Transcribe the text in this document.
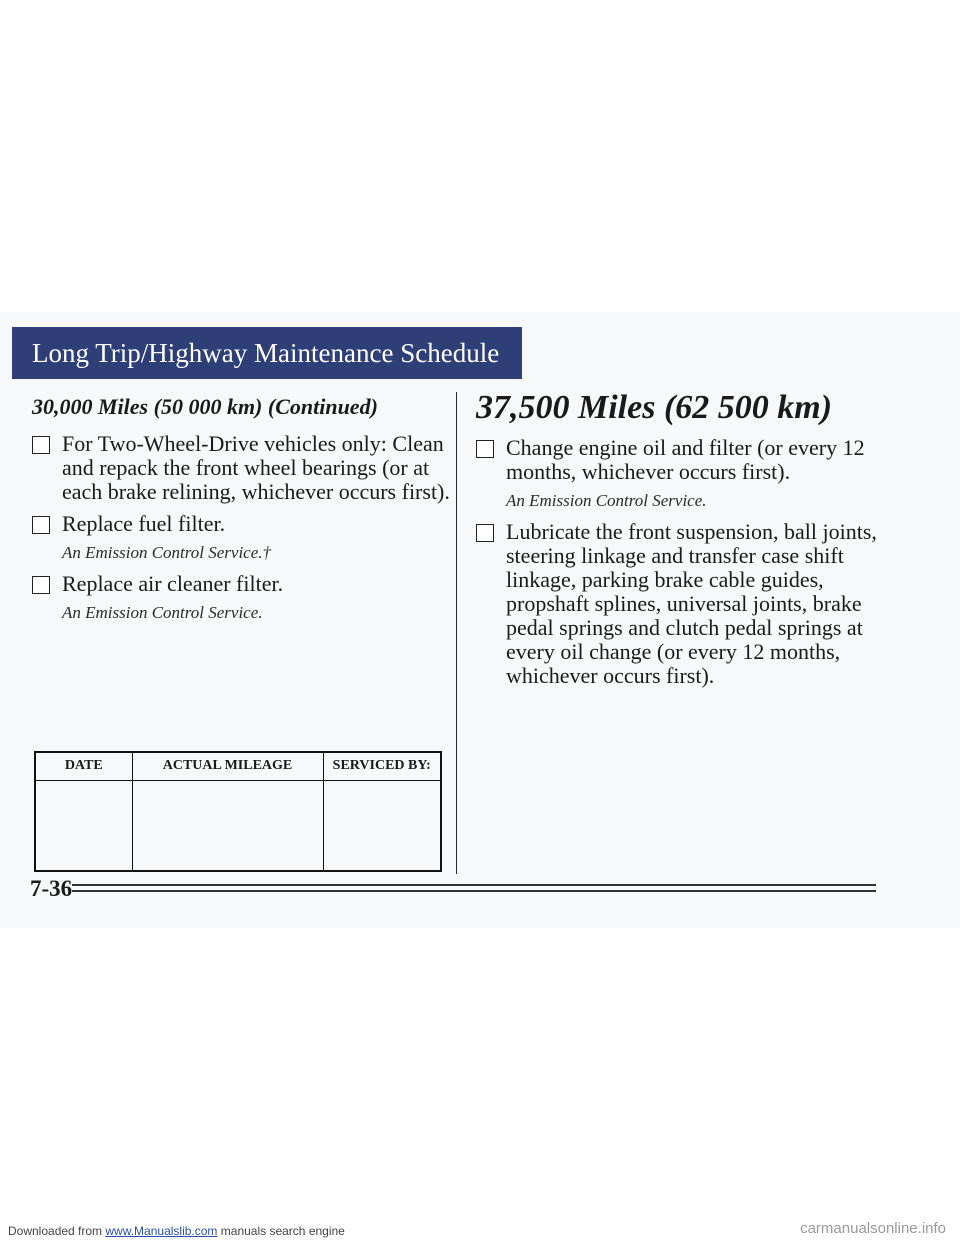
Long Trip/Highway Maintenance Schedule
30,000 Miles (50 000 km) (Continued)
For Two-Wheel-Drive vehicles only: Clean and repack the front wheel bearings (or at each brake relining, whichever occurs first).
Replace fuel filter.
An Emission Control Service.†
Replace air cleaner filter.
An Emission Control Service.
DATE	ACTUAL MILEAGE	SERVICED BY:

37,500 Miles (62 500 km)
Change engine oil and filter (or every 12 months, whichever occurs first).
An Emission Control Service.
Lubricate the front suspension, ball joints, steering linkage and transfer case shift linkage, parking brake cable guides, propshaft splines, universal joints, brake pedal springs and clutch pedal springs at every oil change (or every 12 months, whichever occurs first).
7-36
Downloaded from www.Manualslib.com manuals search engine	carmanualsonline.info
